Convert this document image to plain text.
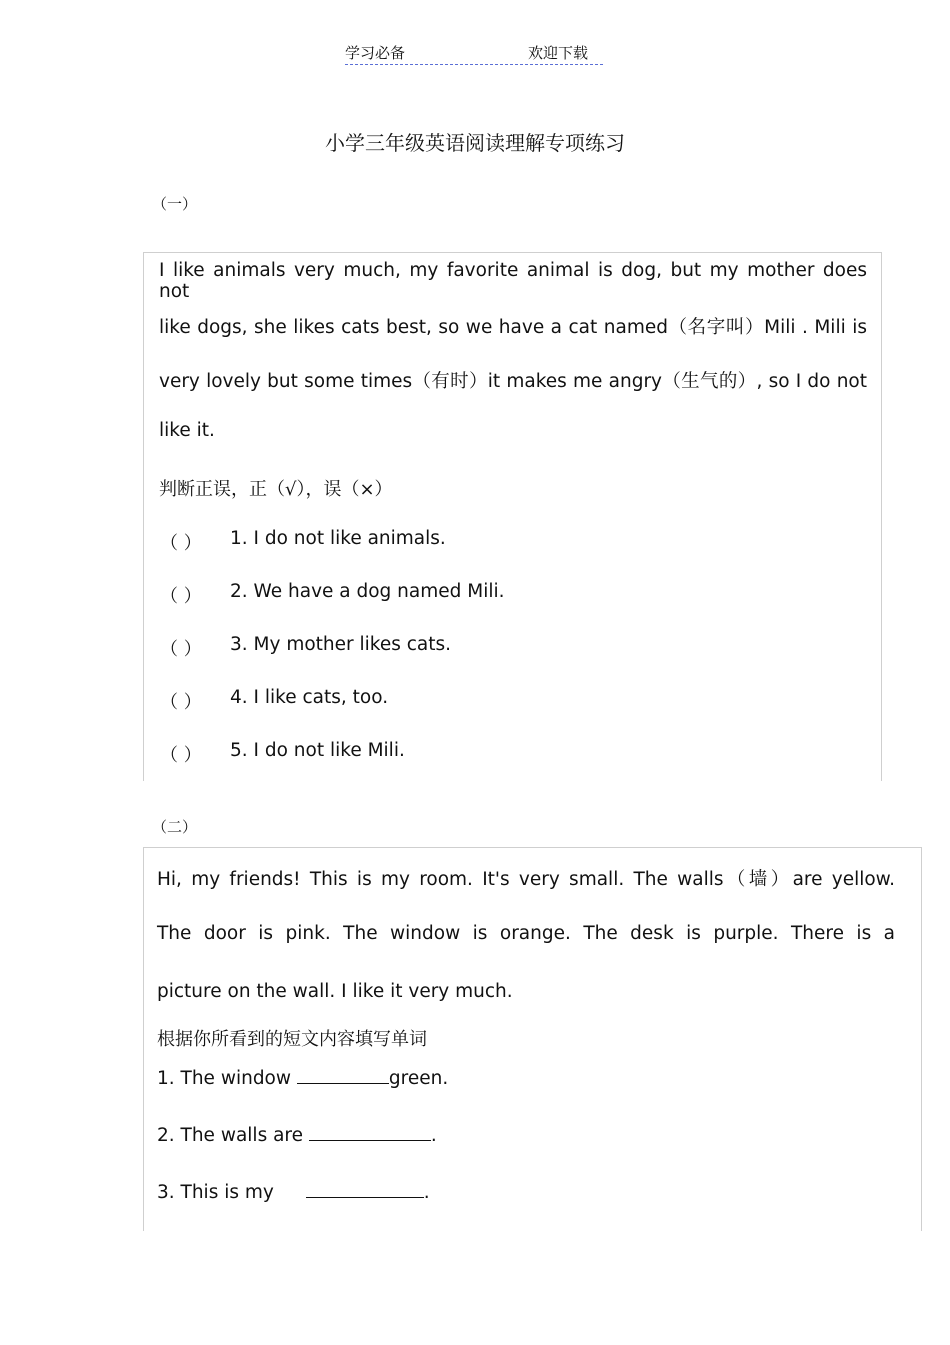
学习必备	欢迎下载
小学三年级英语阅读理解专项练习
（一）
I like animals very much, my favorite animal is dog, but my mother does not
like dogs, she likes cats best, so we have a cat named（名字叫）Mili . Mili is
very lovely but some times（有时）it makes me angry（生气的）, so I do not
like it.
判断正误，正（√），误（×）
（ ） 1. I do not like animals.
（ ） 2. We have a dog named Mili.
（ ） 3. My mother likes cats.
（ ） 4. I like cats, too.
（ ） 5. I do not like Mili.
（二）
Hi, my friends! This is my room. It's very small. The walls（墙）are yellow.
The door is pink. The window is orange. The desk is purple. There is a
picture on the wall. I like it very much.
根据你所看到的短文内容填写单词
1. The window	green.
2. The walls are	.
3. This is my	.
